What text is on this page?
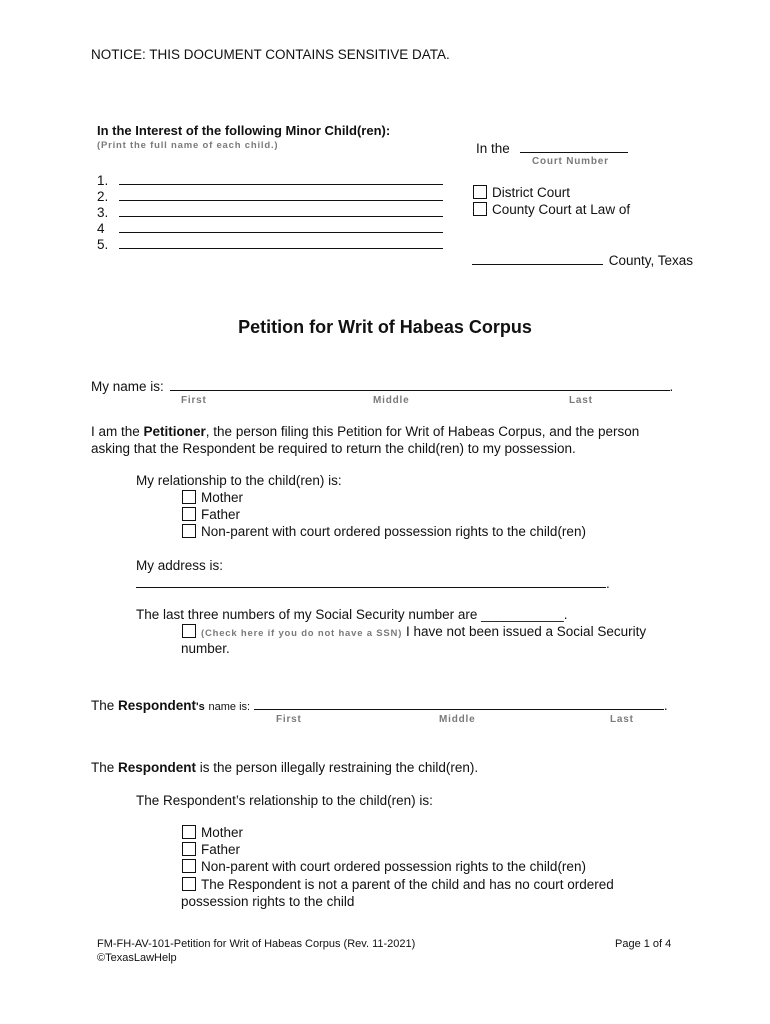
NOTICE: THIS DOCUMENT CONTAINS SENSITIVE DATA.
In the Interest of the following Minor Child(ren):
(Print the full name of each child.)
1.
2.
3.
4
5.
In the
Court Number
District Court
County Court at Law of
County, Texas
Petition for Writ of Habeas Corpus
My name is:	.
First	Middle	Last
I am the Petitioner, the person filing this Petition for Writ of Habeas Corpus, and the person
asking that the Respondent be required to return the child(ren) to my possession.
My relationship to the child(ren) is:
Mother
Father
Non-parent with court ordered possession rights to the child(ren)
My address is:
.
The last three numbers of my Social Security number are ___________.
(Check here if you do not have a SSN) I have not been issued a Social Security
number.
The Respondent's name is:	.
First	Middle	Last
The Respondent is the person illegally restraining the child(ren).
The Respondent’s relationship to the child(ren) is:
Mother
Father
Non-parent with court ordered possession rights to the child(ren)
The Respondent is not a parent of the child and has no court ordered
possession rights to the child
FM-FH-AV-101-Petition for Writ of Habeas Corpus (Rev. 11-2021)
©TexasLawHelp
Page 1 of 4
